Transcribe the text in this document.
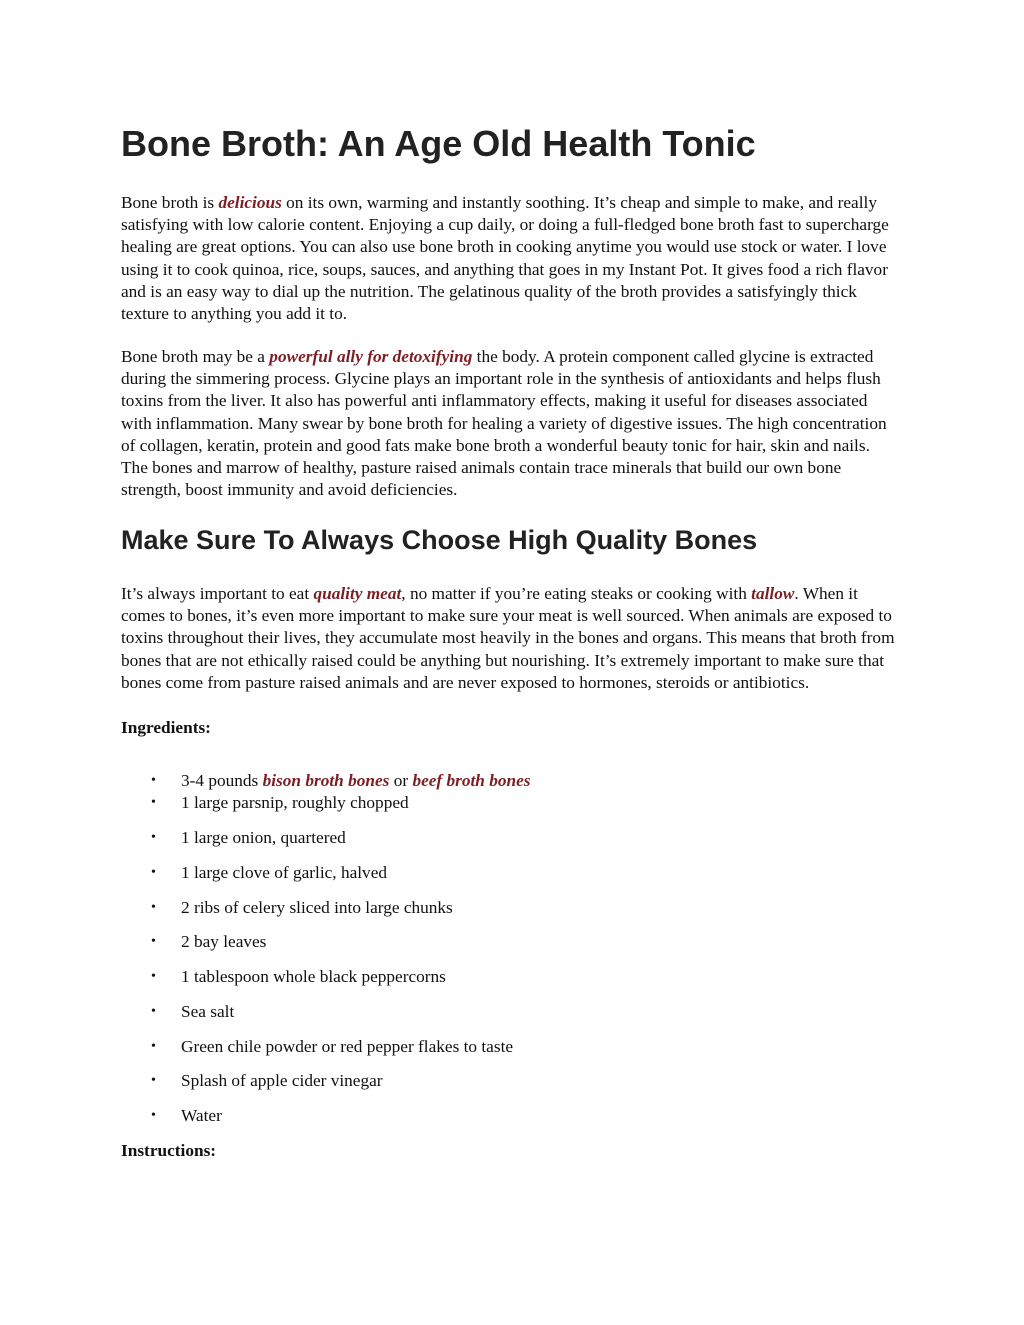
Bone Broth: An Age Old Health Tonic

Bone broth is delicious on its own, warming and instantly soothing. It’s cheap and simple to make, and really satisfying with low calorie content. Enjoying a cup daily, or doing a full-fledged bone broth fast to supercharge healing are great options. You can also use bone broth in cooking anytime you would use stock or water. I love using it to cook quinoa, rice, soups, sauces, and anything that goes in my Instant Pot. It gives food a rich flavor and is an easy way to dial up the nutrition. The gelatinous quality of the broth provides a satisfyingly thick texture to anything you add it to.

Bone broth may be a powerful ally for detoxifying the body. A protein component called glycine is extracted during the simmering process. Glycine plays an important role in the synthesis of antioxidants and helps flush toxins from the liver. It also has powerful anti inflammatory effects, making it useful for diseases associated with inflammation. Many swear by bone broth for healing a variety of digestive issues. The high concentration of collagen, keratin, protein and good fats make bone broth a wonderful beauty tonic for hair, skin and nails. The bones and marrow of healthy, pasture raised animals contain trace minerals that build our own bone strength, boost immunity and avoid deficiencies.

Make Sure To Always Choose High Quality Bones

It’s always important to eat quality meat, no matter if you’re eating steaks or cooking with tallow. When it comes to bones, it’s even more important to make sure your meat is well sourced. When animals are exposed to toxins throughout their lives, they accumulate most heavily in the bones and organs. This means that broth from bones that are not ethically raised could be anything but nourishing. It’s extremely important to make sure that bones come from pasture raised animals and are never exposed to hormones, steroids or antibiotics.

Ingredients:

• 3-4 pounds bison broth bones or beef broth bones
• 1 large parsnip, roughly chopped
• 1 large onion, quartered
• 1 large clove of garlic, halved
• 2 ribs of celery sliced into large chunks
• 2 bay leaves
• 1 tablespoon whole black peppercorns
• Sea salt
• Green chile powder or red pepper flakes to taste
• Splash of apple cider vinegar
• Water

Instructions:
